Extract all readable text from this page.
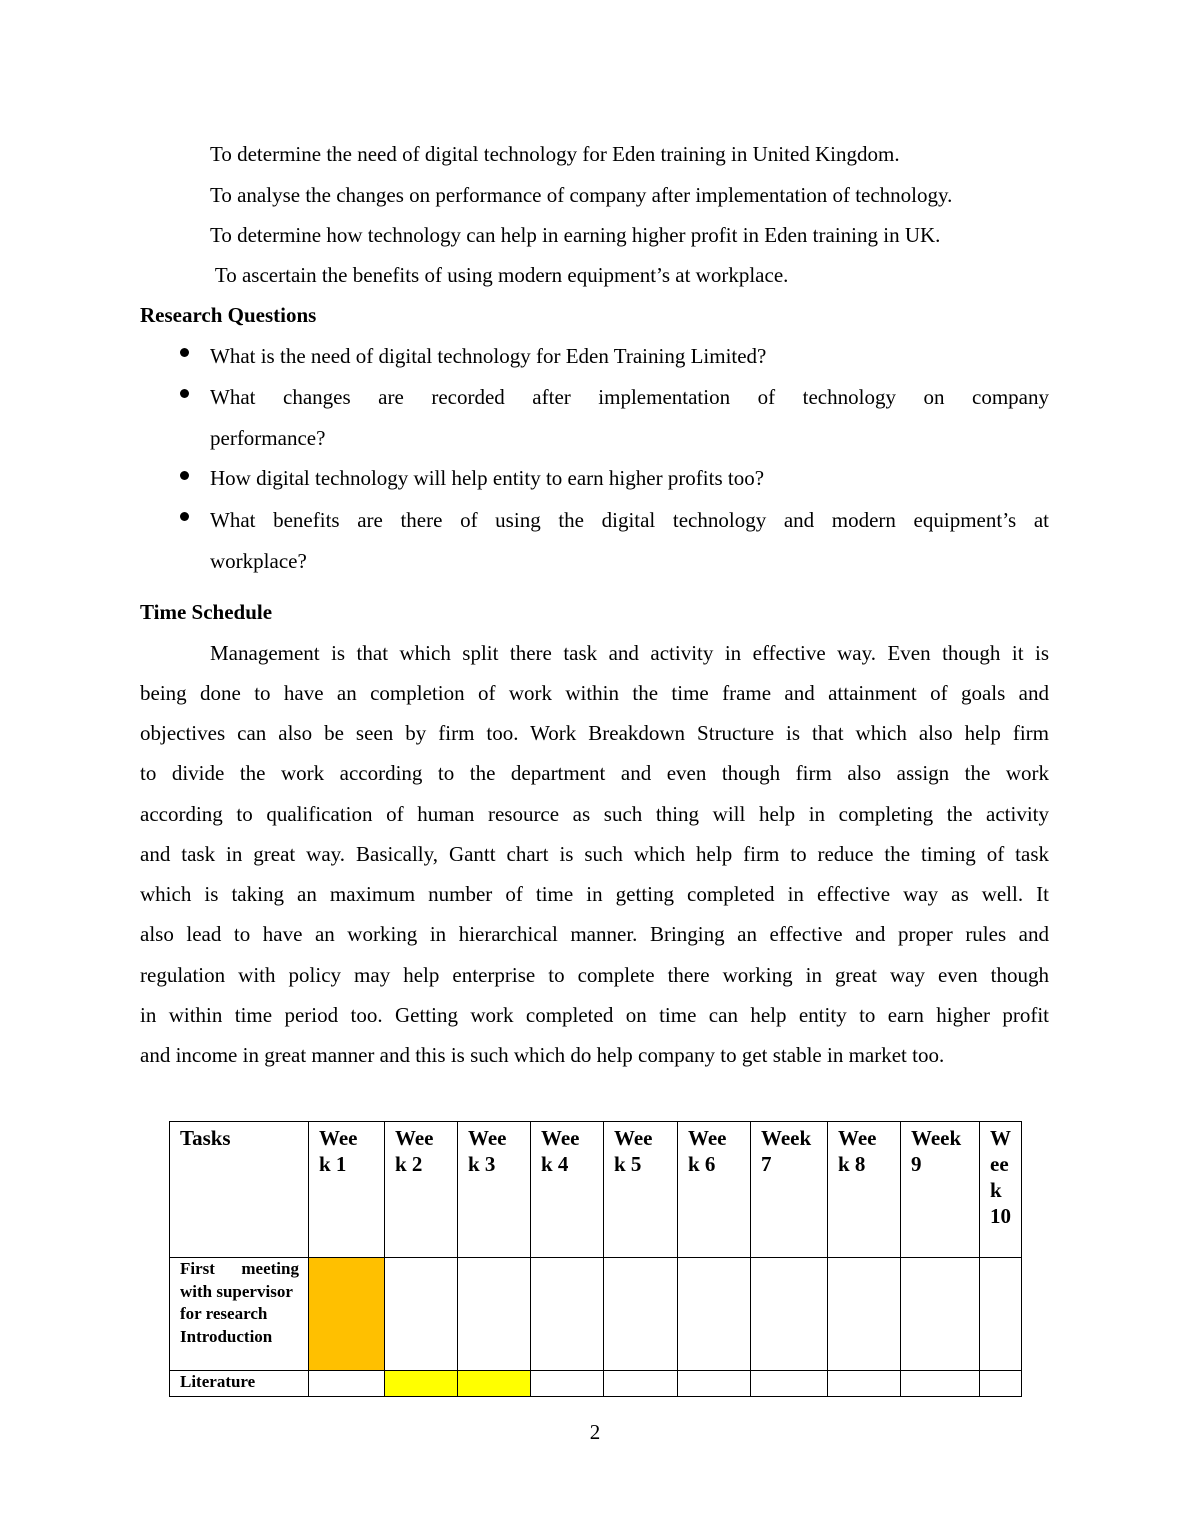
To determine the need of digital technology for Eden training in United Kingdom.
To analyse the changes on performance of company after implementation of technology.
To determine how technology can help in earning higher profit in Eden training in UK.
To ascertain the benefits of using modern equipment’s at workplace.
Research Questions
What is the need of digital technology for Eden Training Limited?
What changes are recorded after implementation of technology on company
performance?
How digital technology will help entity to earn higher profits too?
What benefits are there of using the digital technology and modern equipment’s at
workplace?
Time Schedule
Management is that which split there task and activity in effective way. Even though it is
being done to have an completion of work within the time frame and attainment of goals and
objectives can also be seen by firm too. Work Breakdown Structure is that which also help firm
to divide the work according to the department and even though firm also assign the work
according to qualification of human resource as such thing will help in completing the activity
and task in great way. Basically, Gantt chart is such which help firm to reduce the timing of task
which is taking an maximum number of time in getting completed in effective way as well. It
also lead to have an working in hierarchical manner. Bringing an effective and proper rules and
regulation with policy may help enterprise to complete there working in great way even though
in within time period too. Getting work completed on time can help entity to earn higher profit
and income in great manner and this is such which do help company to get stable in market too.
Tasks	Week 1	Week 2	Week 3	Week 4	Week 5	Week 6	Week 7	Week 8	Week 9	Week 10

First meeting
with supervisor for research Introduction										

Literature										

2
